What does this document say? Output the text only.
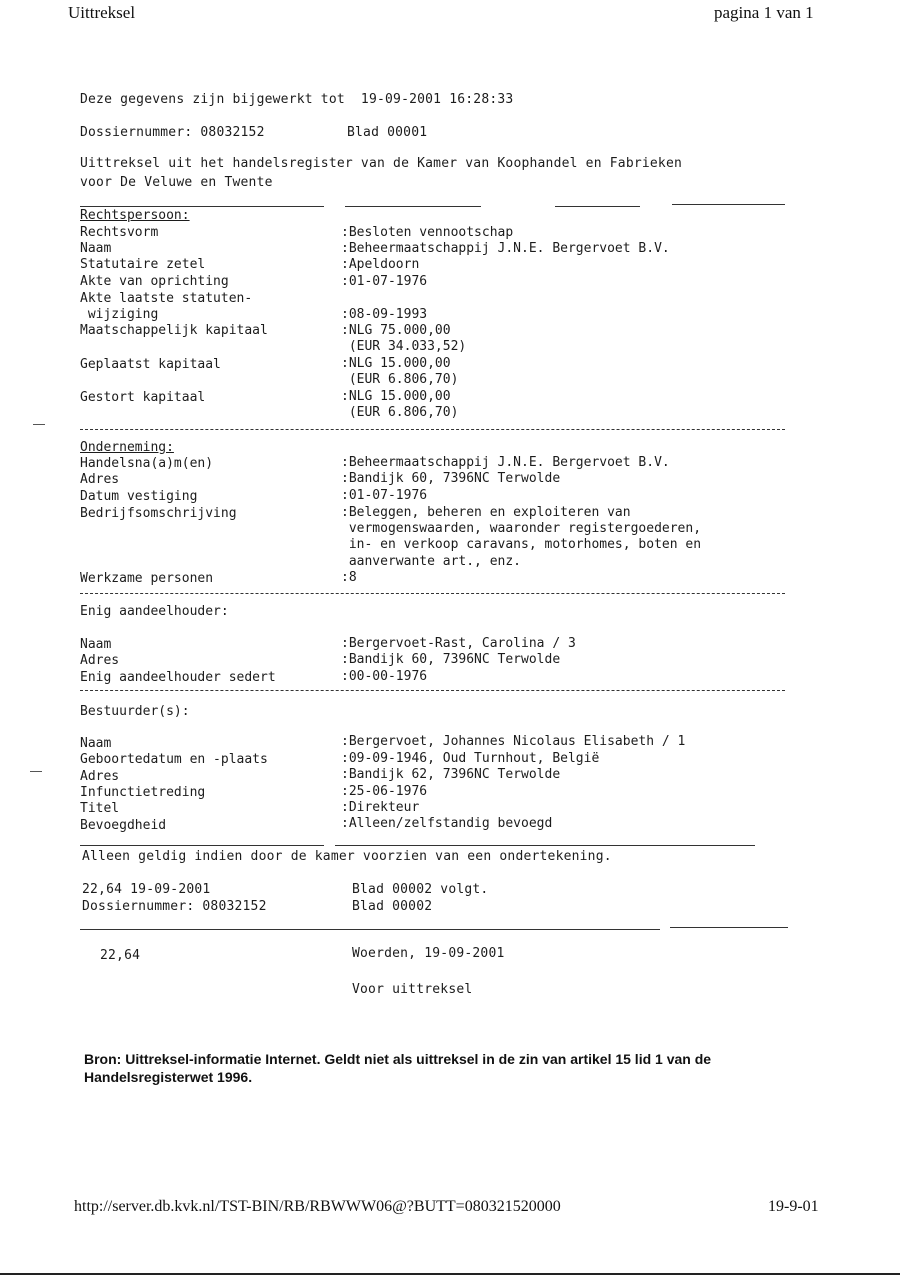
Uittreksel	pagina 1 van 1
Deze gegevens zijn bijgewerkt tot  19-09-2001 16:28:33
Dossiernummer: 08032152	Blad 00001
Uittreksel uit het handelsregister van de Kamer van Koophandel en Fabrieken
voor De Veluwe en Twente
Rechtspersoon:
Rechtsvorm	:Besloten vennootschap
Naam	:Beheermaatschappij J.N.E. Bergervoet B.V.
Statutaire zetel	:Apeldoorn
Akte van oprichting	:01-07-1976
Akte laatste statuten-
wijziging	:08-09-1993
Maatschappelijk kapitaal	:NLG 75.000,00
(EUR 34.033,52)
Geplaatst kapitaal	:NLG 15.000,00
(EUR 6.806,70)
Gestort kapitaal	:NLG 15.000,00
(EUR 6.806,70)
Onderneming:
Handelsna(a)m(en)	:Beheermaatschappij J.N.E. Bergervoet B.V.
Adres	:Bandijk 60, 7396NC Terwolde
Datum vestiging	:01-07-1976
Bedrijfsomschrijving	:Beleggen, beheren en exploiteren van
vermogenswaarden, waaronder registergoederen,
in- en verkoop caravans, motorhomes, boten en
aanverwante art., enz.
Werkzame personen	:8
Enig aandeelhouder:
Naam	:Bergervoet-Rast, Carolina / 3
Adres	:Bandijk 60, 7396NC Terwolde
Enig aandeelhouder sedert	:00-00-1976
Bestuurder(s):
Naam	:Bergervoet, Johannes Nicolaus Elisabeth / 1
Geboortedatum en -plaats	:09-09-1946, Oud Turnhout, België
Adres	:Bandijk 62, 7396NC Terwolde
Infunctietreding	:25-06-1976
Titel	:Direkteur
Bevoegdheid	:Alleen/zelfstandig bevoegd
Alleen geldig indien door de kamer voorzien van een ondertekening.
22,64 19-09-2001	Blad 00002 volgt.
Dossiernummer: 08032152	Blad 00002
22,64	Woerden, 19-09-2001
Voor uittreksel
Bron: Uittreksel-informatie Internet. Geldt niet als uittreksel in de zin van artikel 15 lid 1 van de Handelsregisterwet 1996.
http://server.db.kvk.nl/TST-BIN/RB/RBWWW06@?BUTT=080321520000	19-9-01
